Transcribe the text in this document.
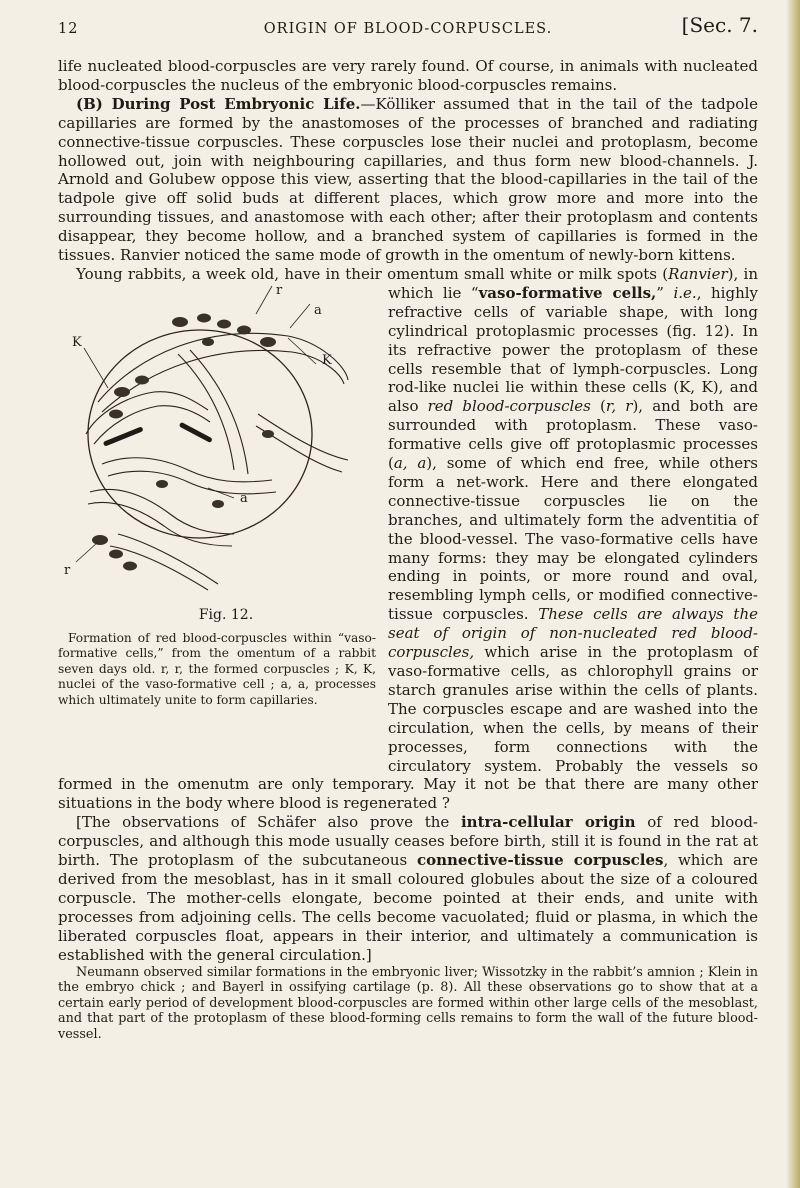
12	ORIGIN OF BLOOD-CORPUSCLES.	[Sec. 7.

life nucleated blood-corpuscles are very rarely found. Of course, in animals with nucleated blood-corpuscles the nucleus of the embryonic blood-corpuscles remains.

(B) During Post Embryonic Life.—Kölliker assumed that in the tail of the tadpole capillaries are formed by the anastomoses of the processes of branched and radiating connective-tissue corpuscles. These corpuscles lose their nuclei and protoplasm, become hollowed out, join with neighbouring capillaries, and thus form new blood-channels. J. Arnold and Golubew oppose this view, asserting that the blood-capillaries in the tail of the tadpole give off solid buds at different places, which grow more and more into the surrounding tissues, and anastomose with each other; after their protoplasm and contents disappear, they become hollow, and a branched system of capillaries is formed in the tissues. Ranvier noticed the same mode of growth in the omentum of newly-born kittens.

Young rabbits, a week old, have in their omentum small white or milk spots (Ranvier), in which lie “vaso-formative cells,” i.e.
r
a
K
K
a
r
Fig. 12.
Formation of red blood-corpuscles within “vaso-formative cells,” from the omentum of a rabbit seven days old. r, r, the formed corpuscles ; K, K, nuclei of the vaso-formative cell ; a, a, processes which ultimately unite to form capillaries.
, highly refractive cells of variable shape, with long cylindrical protoplasmic processes (fig. 12). In its refractive power the protoplasm of these cells resemble that of lymph-corpuscles. Long rod-like nuclei lie within these cells (K, K), and also red blood-corpuscles (r, r), and both are surrounded with protoplasm. These vaso-formative cells give off protoplasmic processes (a, a), some of which end free, while others form a net-work. Here and there elongated connective-tissue corpuscles lie on the branches, and ultimately form the adventitia of the blood-vessel. The vaso-formative cells have many forms: they may be elongated cylinders ending in points, or more round and oval, resembling lymph cells, or modified connective-tissue corpuscles. These cells are always the seat of origin of non-nucleated red blood-corpuscles, which arise in the protoplasm of vaso-formative cells, as chlorophyll grains or starch granules arise within the cells of plants. The corpuscles escape and are washed into the circulation, when the cells, by means of their processes, form connections with the circulatory system. Probably the vessels so formed in the omenutm are only temporary. May it not be that there are many other situations in the body where blood is regenerated ?

[The observations of Schäfer also prove the intra-cellular origin of red blood-corpuscles, and although this mode usually ceases before birth, still it is found in the rat at birth. The protoplasm of the subcutaneous connective-tissue corpuscles, which are derived from the mesoblast, has in it small coloured globules about the size of a coloured corpuscle. The mother-cells elongate, become pointed at their ends, and unite with processes from adjoining cells. The cells become vacuolated; fluid or plasma, in which the liberated corpuscles float, appears in their interior, and ultimately a communication is established with the general circulation.]

Neumann observed similar formations in the embryonic liver; Wissotzky in the rabbit’s amnion ; Klein in the embryo chick ; and Bayerl in ossifying cartilage (p. 8). All these observations go to show that at a certain early period of development blood-corpuscles are formed within other large cells of the mesoblast, and that part of the protoplasm of these blood-forming cells remains to form the wall of the future blood-vessel.
